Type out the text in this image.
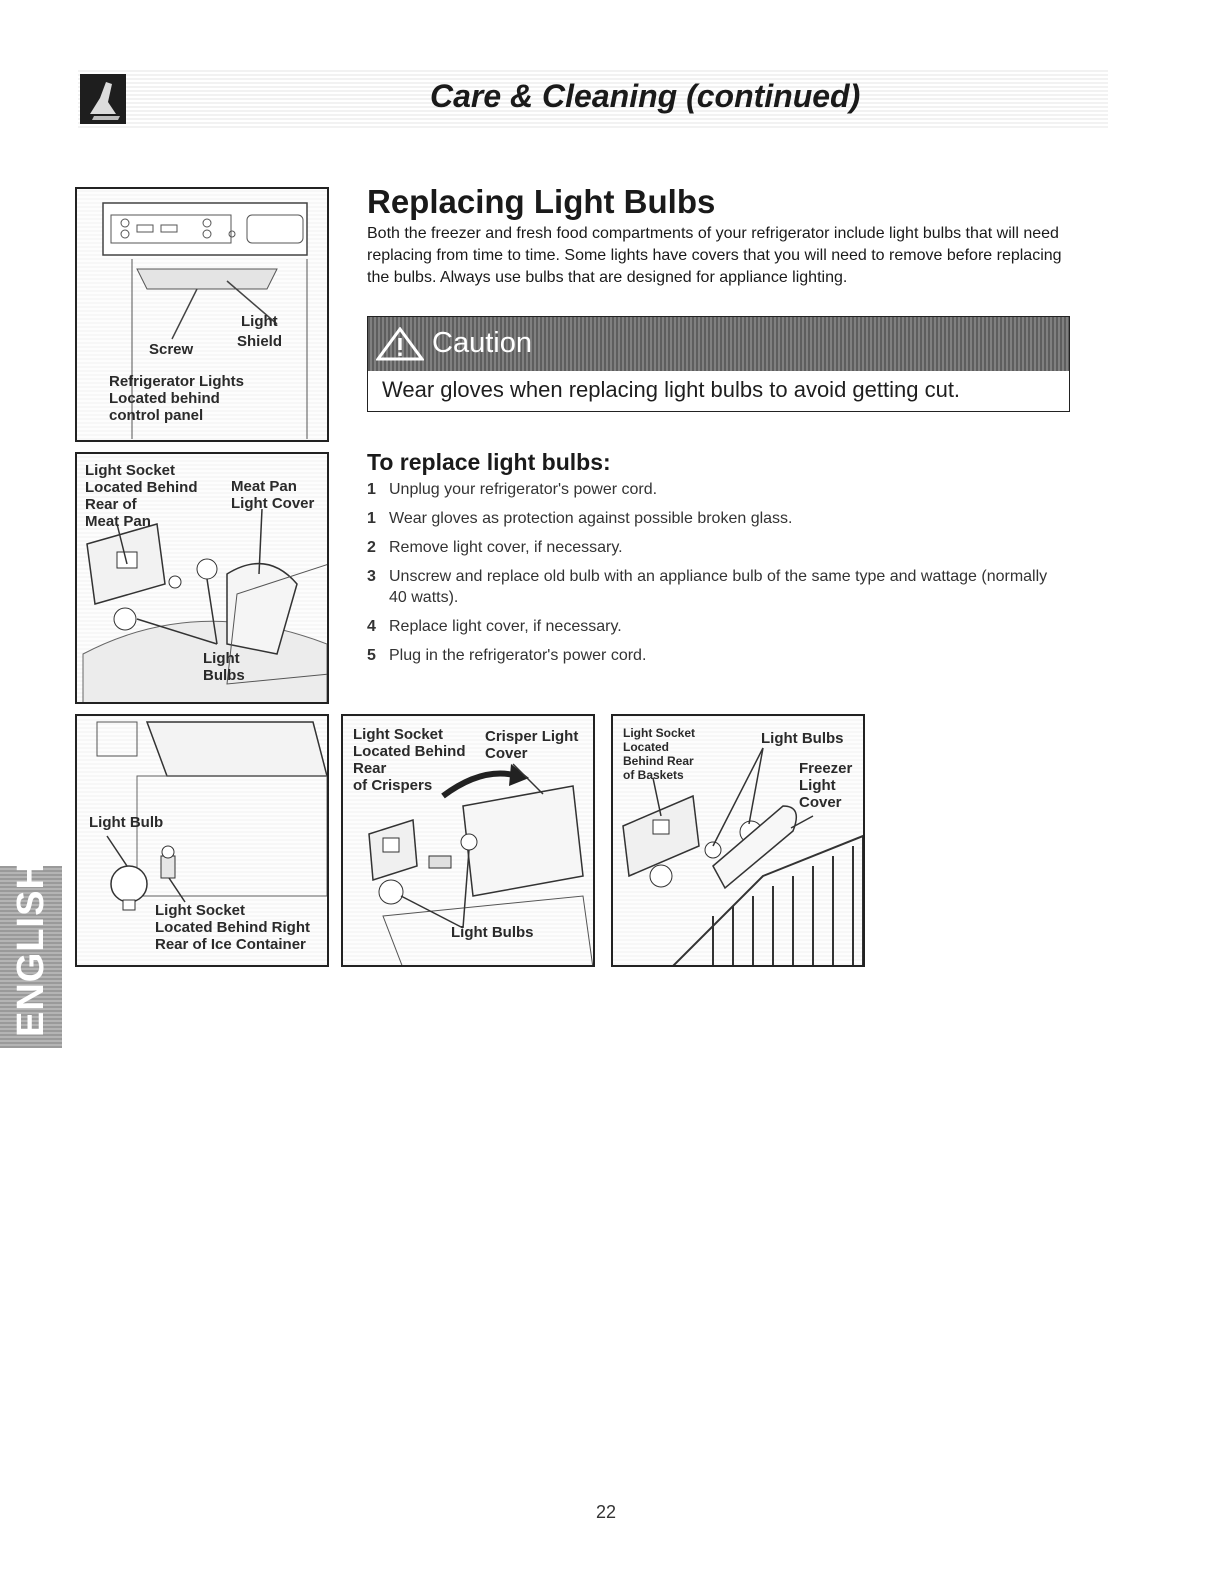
Care & Cleaning (continued)
Replacing Light Bulbs

Both the freezer and fresh food compartments of your refrigerator include light bulbs that will need replacing from time to time. Some lights have covers that you will need to remove before replacing the bulbs. Always use bulbs that are designed for appliance lighting.

Caution
Wear gloves when replacing light bulbs to avoid getting cut.
To replace light bulbs:
1 Unplug your refrigerator's power cord.
1 Wear gloves as protection against possible broken glass.
2 Remove light cover, if necessary.
3 Unscrew and replace old bulb with an appliance bulb of the same type and wattage (normally 40 watts).
4 Replace light cover, if necessary.
5 Plug in the refrigerator's power cord.
Light
Shield
Screw
Refrigerator Lights
Located behind
control panel
Light Socket
Located Behind
Rear of
Meat Pan
Meat Pan
Light Cover
Light
Bulbs
Light Bulb
Light Socket
Located Behind Right
Rear of Ice Container
Light Socket
Located Behind
Rear
of Crispers
Crisper Light
Cover
Light Bulbs
Light Socket
Located
Behind Rear
of Baskets
Light Bulbs
Freezer
Light
Cover
ENGLISH
22
